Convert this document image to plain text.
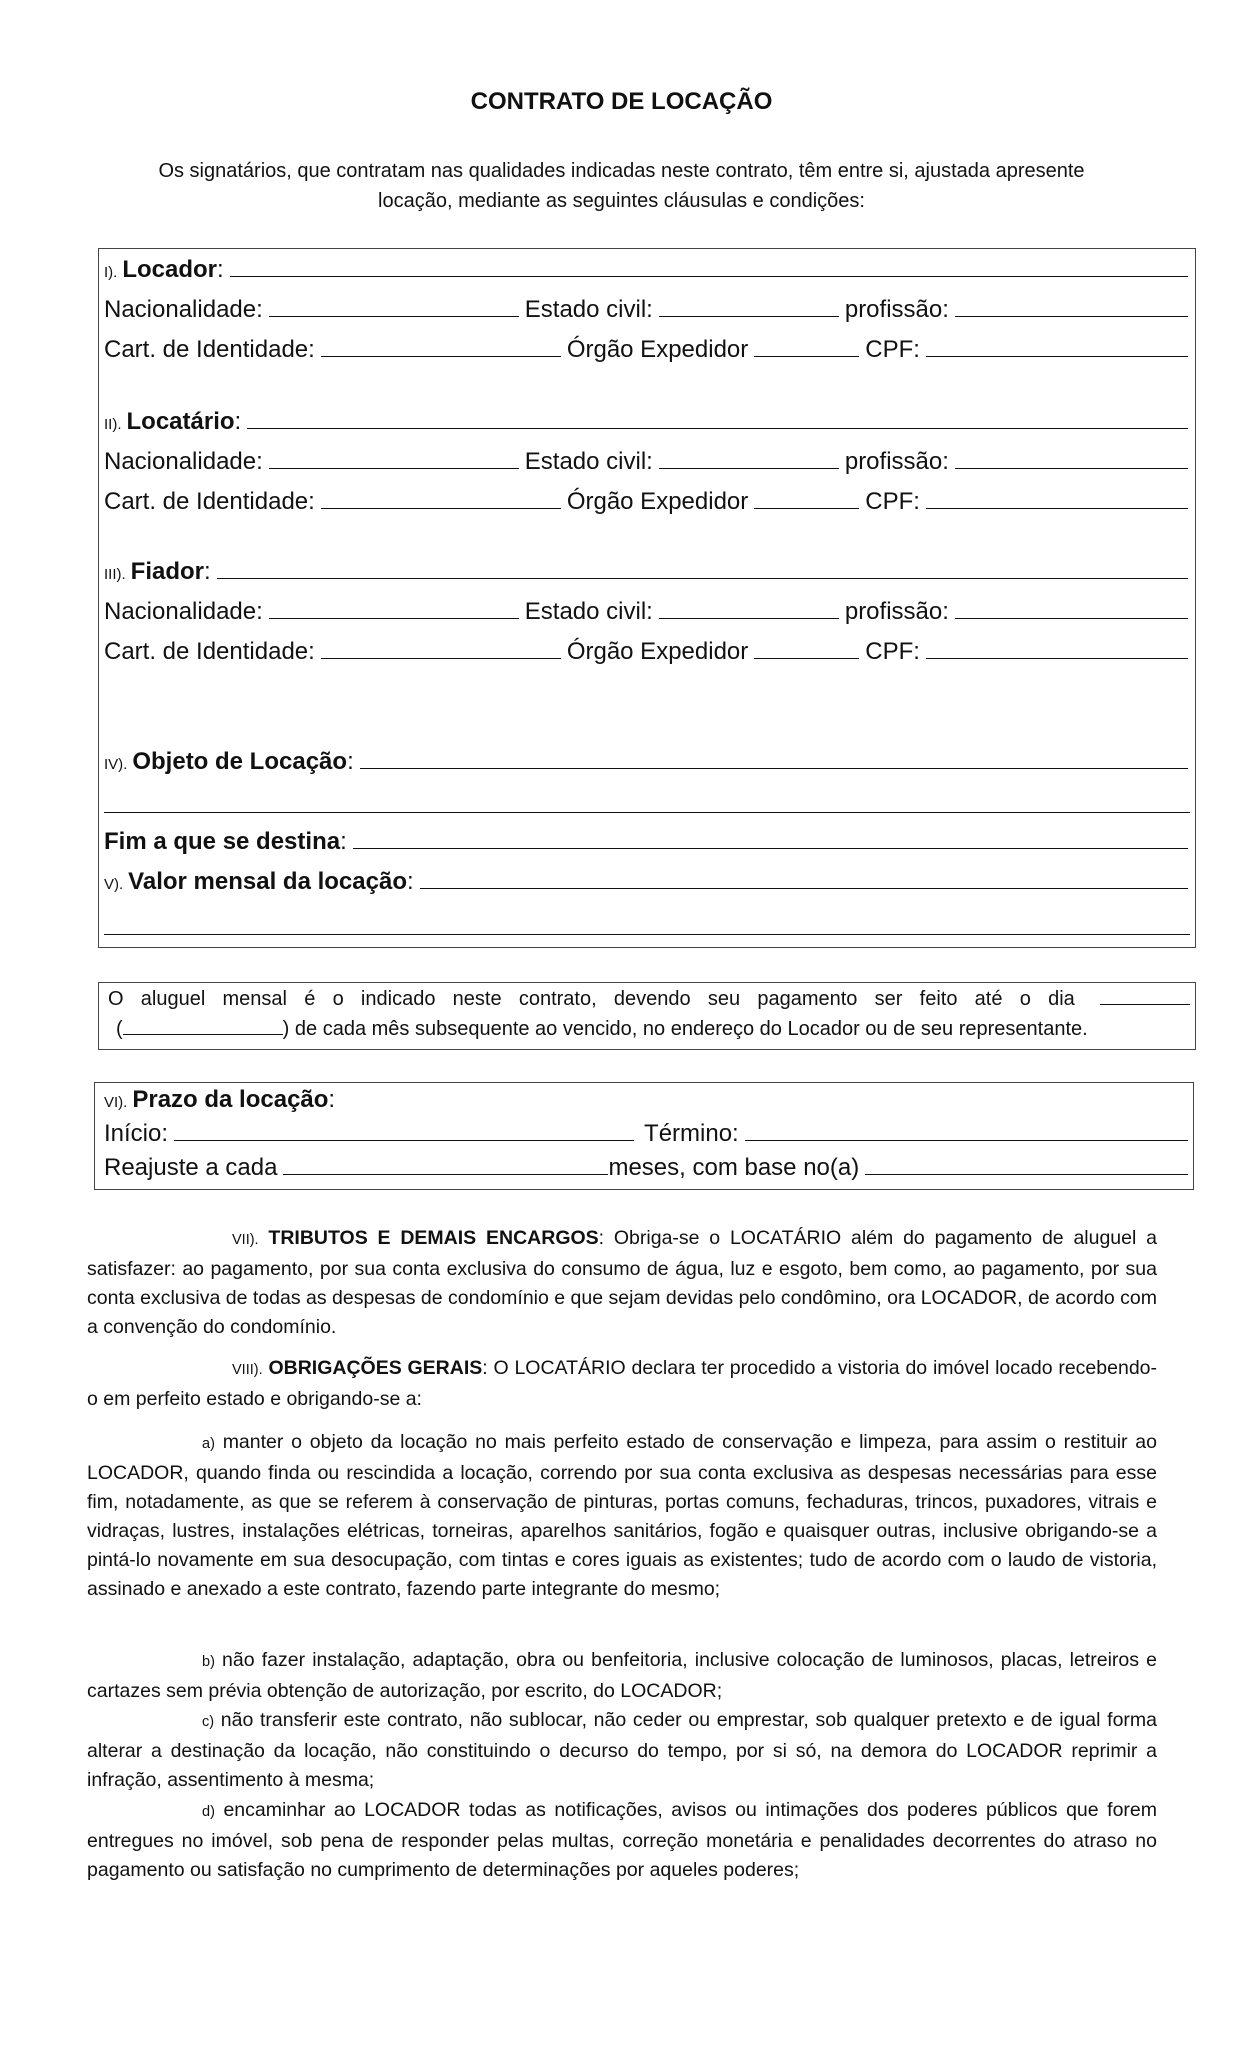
CONTRATO DE LOCAÇÃO
Os signatários, que contratam nas qualidades indicadas neste contrato, têm entre si, ajustada apresente locação, mediante as seguintes cláusulas e condições:
I). Locador :
Nacionalidade:	Estado civil:	profissão:
Cart. de Identidade:	Órgão Expedidor	CPF:
II). Locatário :
Nacionalidade:	Estado civil:	profissão:
Cart. de Identidade:	Órgão Expedidor	CPF:
III). Fiador :
Nacionalidade:	Estado civil:	profissão:
Cart. de Identidade:	Órgão Expedidor	CPF:
IV). Objeto de Locação :
Fim a que se destina :
V). Valor mensal da locação :
O aluguel mensal é o indicado neste contrato, devendo seu pagamento ser feito até o dia
(	) de cada mês subsequente ao vencido, no endereço do Locador ou de seu representante.
VI). Prazo da locação :
Início:	Término:
Reajuste a cada	meses, com base no(a)
VII). TRIBUTOS E DEMAIS ENCARGOS: Obriga-se o LOCATÁRIO além do pagamento de aluguel a satisfazer: ao pagamento, por sua conta exclusiva do consumo de água, luz e esgoto, bem como, ao pagamento, por sua conta exclusiva de todas as despesas de condomínio e que sejam devidas pelo condômino, ora LOCADOR, de acordo com a convenção do condomínio.
VIII). OBRIGAÇÕES GERAIS: O LOCATÁRIO declara ter procedido a vistoria do imóvel locado recebendo-o em perfeito estado e obrigando-se a:
a) manter o objeto da locação no mais perfeito estado de conservação e limpeza, para assim o restituir ao LOCADOR, quando finda ou rescindida a locação, correndo por sua conta exclusiva as despesas necessárias para esse fim, notadamente, as que se referem à conservação de pinturas, portas comuns, fechaduras, trincos, puxadores, vitrais e vidraças, lustres, instalações elétricas, torneiras, aparelhos sanitários, fogão e quaisquer outras, inclusive obrigando-se a pintá-lo novamente em sua desocupação, com tintas e cores iguais as existentes; tudo de acordo com o laudo de vistoria, assinado e anexado a este contrato, fazendo parte integrante do mesmo;
b) não fazer instalação, adaptação, obra ou benfeitoria, inclusive colocação de luminosos, placas, letreiros e cartazes sem prévia obtenção de autorização, por escrito, do LOCADOR;
c) não transferir este contrato, não sublocar, não ceder ou emprestar, sob qualquer pretexto e de igual forma alterar a destinação da locação, não constituindo o decurso do tempo, por si só, na demora do LOCADOR reprimir a infração, assentimento à mesma;
d) encaminhar ao LOCADOR todas as notificações, avisos ou intimações dos poderes públicos que forem entregues no imóvel, sob pena de responder pelas multas, correção monetária e penalidades decorrentes do atraso no pagamento ou satisfação no cumprimento de determinações por aqueles poderes;
